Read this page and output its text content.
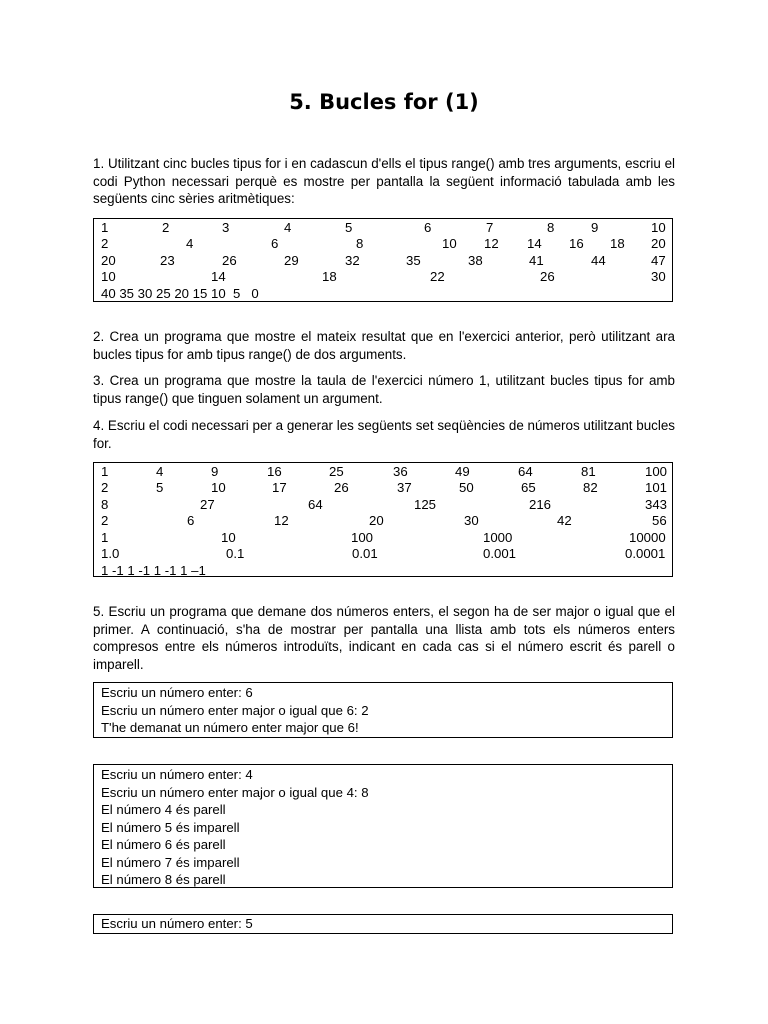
5. Bucles for (1)

1. Utilitzant cinc bucles tipus for i en cadascun d'ells el tipus range() amb tres arguments, escriu el codi Python necessari perquè es mostre per pantalla la següent informació tabulada amb les següents cinc sèries aritmètiques:

1	2	3	4	5	6	7	8	9	10
2	4	6	8	10 12 14 16 18 20
20	23	26	29	32	35	38	41	44	47
10	14	18	22	26	30
40 35 30 25 20 15 10  5   0

2. Crea un programa que mostre el mateix resultat que en l'exercici anterior, però utilitzant ara bucles tipus for amb tipus range() de dos arguments.

3. Crea un programa que mostre la taula de l'exercici número 1, utilitzant bucles tipus for amb tipus range() que tinguen solament un argument.

4. Escriu el codi necessari per a generar les següents set seqüències de números utilitzant bucles for.

1	4	9	16	25	36	49	64	81	100
2	5	10	17	26	37	50	65	82	101
8	27	64	125	216	343
2	6	12	20	30	42	56
1	10	100	1000	10000
1.0	0.1	0.01	0.001	0.0001
1 -1 1 -1 1 -1 1 –1

5. Escriu un programa que demane dos números enters, el segon ha de ser major o igual que el primer. A continuació, s'ha de mostrar per pantalla una llista amb tots els números enters compresos entre els números introduïts, indicant en cada cas si el número escrit és parell o imparell.

Escriu un número enter: 6
Escriu un número enter major o igual que 6: 2
T'he demanat un número enter major que 6!
Escriu un número enter: 4
Escriu un número enter major o igual que 4: 8
El número 4 és parell
El número 5 és imparell
El número 6 és parell
El número 7 és imparell
El número 8 és parell
Escriu un número enter: 5
